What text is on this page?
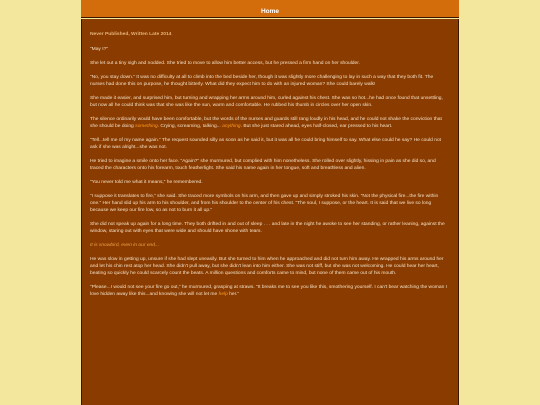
Home
Never Published, Written Late 2014

“May I?”

She let out a tiny sigh and nodded. She tried to move to allow him better access, but he pressed a firm hand on her shoulder.

“No, you stay down.” It was no difficulty at all to climb into the bed beside her, though it was slightly more challenging to lay in such a way that they both fit. The nurses had done this on purpose, he thought bitterly. What did they expect him to do with an injured woman? She could barely walk!

She made it easier, and surprised him, but turning and wrapping her arms around him, curled against his chest. She was so hot...he had once found that unsettling, but now all he could think was that she was like the sun, warm and comfortable. He rubbed his thumb in circles over her open skin.

The silence ordinarily would have been comfortable, but the words of the nurses and guards still rang loudly in his head, and he could not shake the conviction that she should be doing something. Crying, screaming, talking... anything. But she just stared ahead, eyes half-closed, ear pressed to his heart.

“Tell...tell me of my name again.” The request sounded silly as soon as he said it, but it was all he could bring himself to say. What else could he say? He could not ask if she was alright...she was not.

He tried to imagine a smile onto her face. “Again?” she murmured, but complied with him nonetheless. She rolled over slightly, hissing in pain as she did so, and traced the characters onto his forearm, touch featherlight. She said his name again in her tongue, soft and breathless and alien.

“You never told me what it means,” he remembered.

“I suppose it translates to fire,” she said. She traced more symbols on his arm, and then gave up and simply stroked his skin. “Not the physical fire...the fire within one.” Her hand slid up his arm to his shoulder, and from his shoulder to the center of his chest. “The soul, I suppose, or the heart. It is said that we live so long because we keep our fire low, so as not to burn it all up.”

She did not speak up again for a long time. They both drifted in and out of sleep . . . and late in the night he awoke to see her standing, or rather leaning, against the window, staring out with eyes that were wide and should have shone with tears.

It is snowbird, even in our end...

He was slow in getting up, unsure if she had slept uneasily. But she turned to him when he approached and did not turn him away. He wrapped his arms around her and let his chin rest atop her head. She didn't pull away, but she didn't lean into him either. She was not stiff, but she was not welcoming. He could hear her heart, beating so quickly he could scarcely count the beats. A million questions and comforts came to mind, but none of them came out of his mouth.

“Please...I would not see your fire go out,” he murmured, grasping at straws. “It breaks me to see you like this, smothering yourself. I can't bear watching the woman I love hidden away like this...and knowing she will not let me help her.”
